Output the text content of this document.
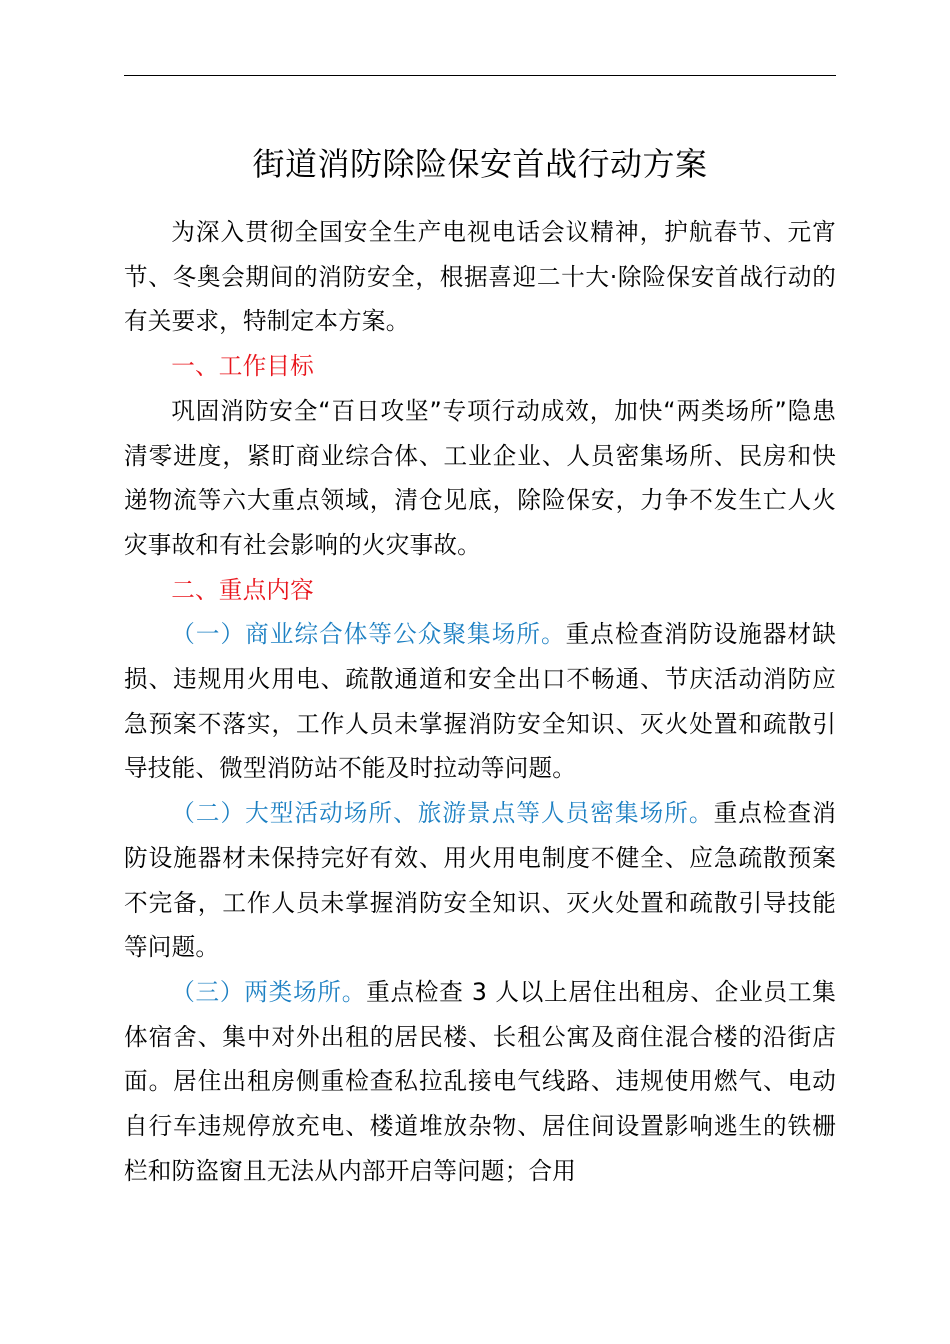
街道消防除险保安首战行动方案

为深入贯彻全国安全生产电视电话会议精神，护航春节、元宵节、冬奥会期间的消防安全，根据喜迎二十大·除险保安首战行动的有关要求，特制定本方案。

一、工作目标

巩固消防安全“百日攻坚”专项行动成效，加快“两类场所”隐患清零进度，紧盯商业综合体、工业企业、人员密集场所、民房和快递物流等六大重点领域，清仓见底，除险保安，力争不发生亡人火灾事故和有社会影响的火灾事故。

二、重点内容

（一）商业综合体等公众聚集场所。重点检查消防设施器材缺损、违规用火用电、疏散通道和安全出口不畅通、节庆活动消防应急预案不落实，工作人员未掌握消防安全知识、灭火处置和疏散引导技能、微型消防站不能及时拉动等问题。

（二）大型活动场所、旅游景点等人员密集场所。重点检查消防设施器材未保持完好有效、用火用电制度不健全、应急疏散预案不完备，工作人员未掌握消防安全知识、灭火处置和疏散引导技能等问题。

（三）两类场所。重点检查 3 人以上居住出租房、企业员工集体宿舍、集中对外出租的居民楼、长租公寓及商住混合楼的沿街店面。居住出租房侧重检查私拉乱接电气线路、违规使用燃气、电动自行车违规停放充电、楼道堆放杂物、居住间设置影响逃生的铁栅栏和防盗窗且无法从内部开启等问题；合用
